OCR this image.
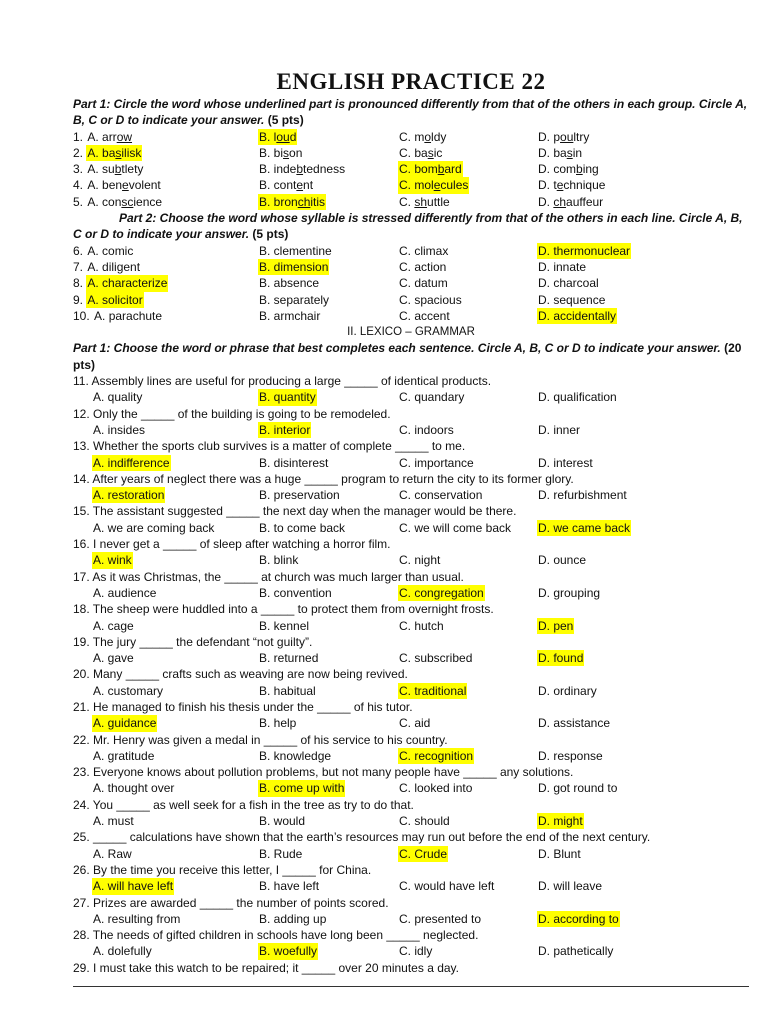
ENGLISH PRACTICE 22
Part 1: Circle the word whose underlined part is pronounced differently from that of the others in each group. Circle A, B, C or D to indicate your answer. (5 pts)
1. A. arrow	B. loud	C. moldy	D. poultry
2. A. basilisk	B. bison	C. basic	D. basin
3. A. subtlety	B. indebtedness	C. bombard	D. combing
4. A. benevolent	B. content	C. molecules	D. technique
5. A. conscience	B. bronchitis	C. shuttle	D. chauffeur
Part 2: Choose the word whose syllable is stressed differently from that of the others in each line. Circle A, B, C or D to indicate your answer. (5 pts)
6. A. comic	B. clementine	C. climax	D. thermonuclear
7. A. diligent	B. dimension	C. action	D. innate
8. A. characterize	B. absence	C. datum	D. charcoal
9. A. solicitor	B. separately	C. spacious	D. sequence
10. A. parachute	B. armchair	C. accent	D. accidentally
II. LEXICO – GRAMMAR
Part 1: Choose the word or phrase that best completes each sentence. Circle A, B, C or D to indicate your answer. (20 pts)
11. Assembly lines are useful for producing a large _____ of identical products.
A. quality	B. quantity	C. quandary	D. qualification
12. Only the _____ of the building is going to be remodeled.
A. insides	B. interior	C. indoors	D. inner
13. Whether the sports club survives is a matter of complete _____ to me.
A. indifference	B. disinterest	C. importance	D. interest
14. After years of neglect there was a huge _____ program to return the city to its former glory.
A. restoration	B. preservation	C. conservation	D. refurbishment
15. The assistant suggested _____ the next day when the manager would be there.
A. we are coming back	B. to come back	C. we will come back	D. we came back
16. I never get a _____ of sleep after watching a horror film.
A. wink	B. blink	C. night	D. ounce
17. As it was Christmas, the _____ at church was much larger than usual.
A. audience	B. convention	C. congregation	D. grouping
18. The sheep were huddled into a _____ to protect them from overnight frosts.
A. cage	B. kennel	C. hutch	D. pen
19. The jury _____ the defendant “not guilty”.
A. gave	B. returned	C. subscribed	D. found
20. Many _____ crafts such as weaving are now being revived.
A. customary	B. habitual	C. traditional	D. ordinary
21. He managed to finish his thesis under the _____ of his tutor.
A. guidance	B. help	C. aid	D. assistance
22. Mr. Henry was given a medal in _____ of his service to his country.
A. gratitude	B. knowledge	C. recognition	D. response
23. Everyone knows about pollution problems, but not many people have _____ any solutions.
A. thought over	B. come up with	C. looked into	D. got round to
24. You _____ as well seek for a fish in the tree as try to do that.
A. must	B. would	C. should	D. might
25. _____ calculations have shown that the earth’s resources may run out before the end of the next century.
A. Raw	B. Rude	C. Crude	D. Blunt
26. By the time you receive this letter, I _____ for China.
A. will have left	B. have left	C. would have left	D. will leave
27. Prizes are awarded _____ the number of points scored.
A. resulting from	B. adding up	C. presented to	D. according to
28. The needs of gifted children in schools have long been _____ neglected.
A. dolefully	B. woefully	C. idly	D. pathetically
29. I must take this watch to be repaired; it _____ over 20 minutes a day.
